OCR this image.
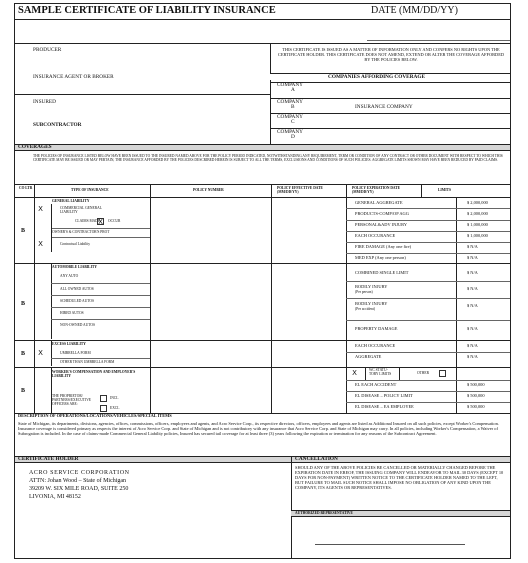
SAMPLE CERTIFICATE OF LIABILITY INSURANCE	DATE (MM/DD/YY)
PRODUCER
INSURANCE AGENT OR BROKER
THIS CERTIFICATE IS ISSUED AS A MATTER OF INFORMATION ONLY AND CONFERS NO RIGHTS UPON THE CERTIFICATE HOLDER. THIS CERTIFICATE DOES NOT AMEND, EXTEND OR ALTER THE COVERAGE AFFORDED BY THE POLICIES BELOW.
COMPANIES AFFORDING COVERAGE
INSURED
SUBCONTRACTOR
COMPANY
A
COMPANY
B	INSURANCE COMPANY
COMPANY
C
COMPANY
D
COVERAGES
THE POLICIES OF INSURANCE LISTED BELOW HAVE BEEN ISSUED TO THE INSURED NAMED ABOVE FOR THE POLICY PERIOD INDICATED, NOTWITHSTANDING ANY REQUIREMENT, TERM OR CONDITION OF ANY CONTRACT OR OTHER DOCUMENT WITH RESPECT TO WHICH THIS CERTIFICATE MAY BE ISSUED OR MAY PERTAIN, THE INSURANCE AFFORDED BY THE POLICIES DESCRIBED HEREIN IS SUBJECT TO ALL THE TERMS, EXCLUSIONS AND CONDITIONS OF SUCH POLICIES. AGGREGATE LIMITS SHOWN MAY HAVE BEEN REDUCED BY PAID CLAIMS.
CO LTR	TYPE OF INSURANCE	POLICY NUMBER	POLICY EFFECTIVE DATE (MM/DD/YY)
POLICY EXPIRATION DATE (MM/DD/YY)
LIMITS
B
GENERAL LIABILITY
X	COMMERCIAL GENERAL LIABILITY
CLAIMS MADE
X	OCCUR
OWNER'S & CONTRACTOR'S PROT
X	Contractual Liability
GENERAL AGGREGATE	$ 2,000,000
PRODUCTS-COMP/OP AGG	$ 2,000,000
PERSONAL&ADV INJURY	$ 1,000,000
EACH OCCURANCE	$ 1,000,000
FIRE DAMAGE (Any one fire)	$ N/A
MED EXP (Any one person)	$ N/A
B
AUTOMOBILE LIABILITY
ANY AUTO
ALL OWNED AUTOS
SCHEDULED AUTOS
HIRED AUTOS
NON-OWNED AUTOS
COMBINED SINGLE LIMIT	$ N/A
BODILY INJURY
(Per person)
$ N/A
BODILY INJURY
(Per accident)
$ N/A
PROPERTY DAMAGE	$ N/A
B
EXCESS LIABILITY
X	UMBRELLA FORM
OTHER THAN UMBRELLA FORM
EACH OCCURANCE	$ N/A
AGGREGATE	$ N/A
B
WORKER'S COMPENSATION AND EMPLOYER'S LIABILITY
THE PROPRIETOR/ PARTNERS/EXECUTIVE OFFICERS ARE:
INCL
EXCL
X	WC STATU-TORY LIMITS	OTHER
EL EACH ACCIDENT	$ 500,000
EL DISEASE – POLICY LIMIT	$ 500,000
EL DISEASE – EA EMPLOYEE	$ 500,000
DESCRIPTION OF OPERATIONS/LOCATIONS/VEHICLES/SPECIAL ITEMS
State of Michigan, its departments, divisions, agencies, offices, commissions, officers, employees and agents, and Acro Service Corp., its respective directors, officers, employees and agents are listed as Additional Insured on all such policies, except Worker's Compensation. Insurance coverage is considered primary as respects the interest of Acro Service Corp. and State of Michigan and is not contributory with any insurance that Acro Service Corp. and State of Michigan may carry. In all policies, including Worker's Compensation, a Waiver of Subrogation is included. In the case of claims-made Commercial General Liability policies, Insured has secured tail coverage for at least three (3) years following the expiration or termination for any reasons of the Subcontract Agreement.
CERTIFICATE HOLDER	CANCELLATION
ACRO SERVICE CORPORATION
ATTN: Johan Wood – State of Michigan
39209 W. SIX MILE ROAD, SUITE 250
LIVONIA, MI 48152
SHOULD ANY OF THE ABOVE POLICIES BE CANCELLED OR MATERIALLY CHANGED BEFORE THE EXPIRATION DATE IN EREOF, THE ISSUING COMPANY WILL ENDEAVOR TO MAIL 30 DAYS (EXCEPT 10 DAYS FOR NON-PAYMENT) WRITTEN NOTICE TO THE CERTIFICATE HOLDER NAMED TO THE LEFT, BUT FAILURE TO MAIL SUCH NOTICE SHALL IMPOSE NO OBLIGATION OF ANY KIND UPON THE COMPANY, ITS AGENTS OR REPRESENTATIVES.
AUTHORIZED REPRESENTATIVE
